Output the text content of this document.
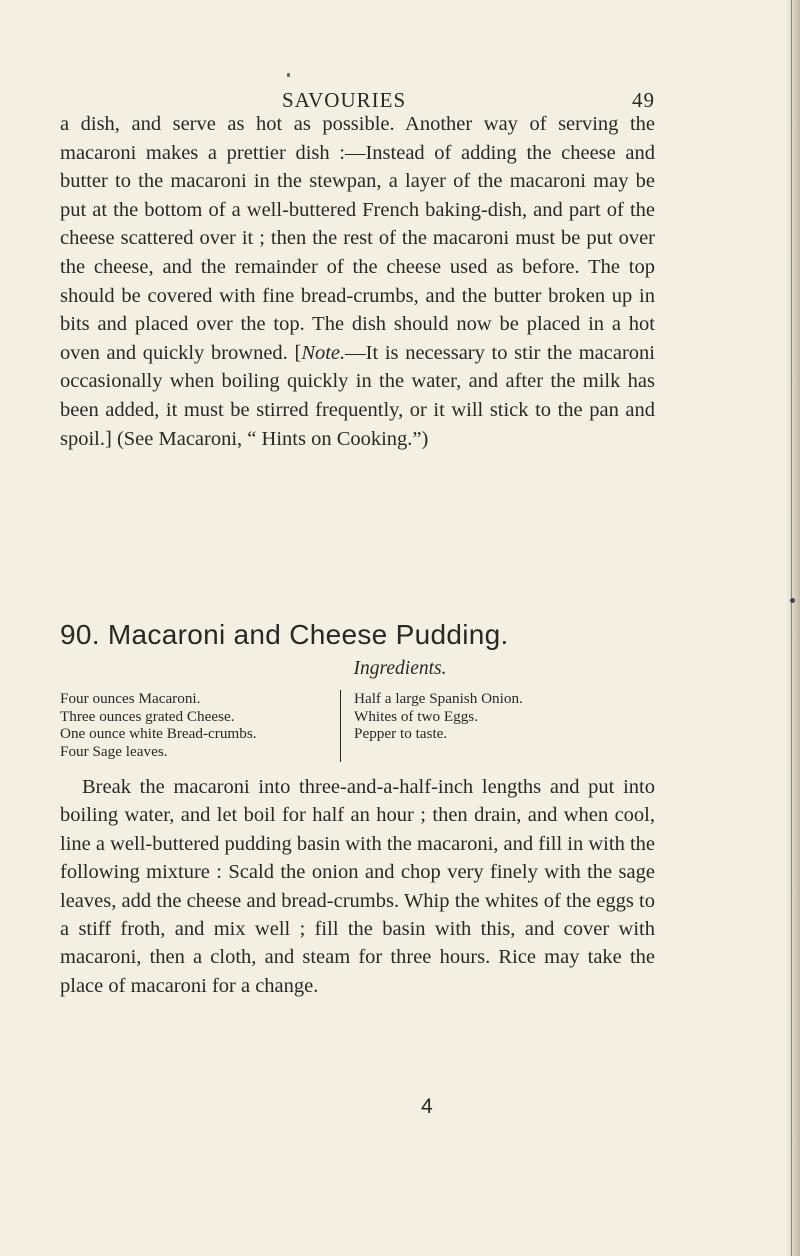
SAVOURIES	49

a dish, and serve as hot as possible. Another way of serving the macaroni makes a prettier dish :—Instead of adding the cheese and butter to the macaroni in the stewpan, a layer of the macaroni may be put at the bottom of a well-buttered French baking-dish, and part of the cheese scattered over it ; then the rest of the macaroni must be put over the cheese, and the remainder of the cheese used as before. The top should be covered with fine bread-crumbs, and the butter broken up in bits and placed over the top. The dish should now be placed in a hot oven and quickly browned. [Note.—It is necessary to stir the macaroni occasionally when boiling quickly in the water, and after the milk has been added, it must be stirred frequently, or it will stick to the pan and spoil.] (See Macaroni, “ Hints on Cooking.”)

90. Macaroni and Cheese Pudding.
Ingredients.
Four ounces Macaroni.
Three ounces grated Cheese.
One ounce white Bread-crumbs.
Four Sage leaves.
Half a large Spanish Onion.
Whites of two Eggs.
Pepper to taste.

Break the macaroni into three-and-a-half-inch lengths and put into boiling water, and let boil for half an hour ; then drain, and when cool, line a well-buttered pudding basin with the macaroni, and fill in with the following mixture : Scald the onion and chop very finely with the sage leaves, add the cheese and bread-crumbs. Whip the whites of the eggs to a stiff froth, and mix well ; fill the basin with this, and cover with macaroni, then a cloth, and steam for three hours. Rice may take the place of macaroni for a change.

4
